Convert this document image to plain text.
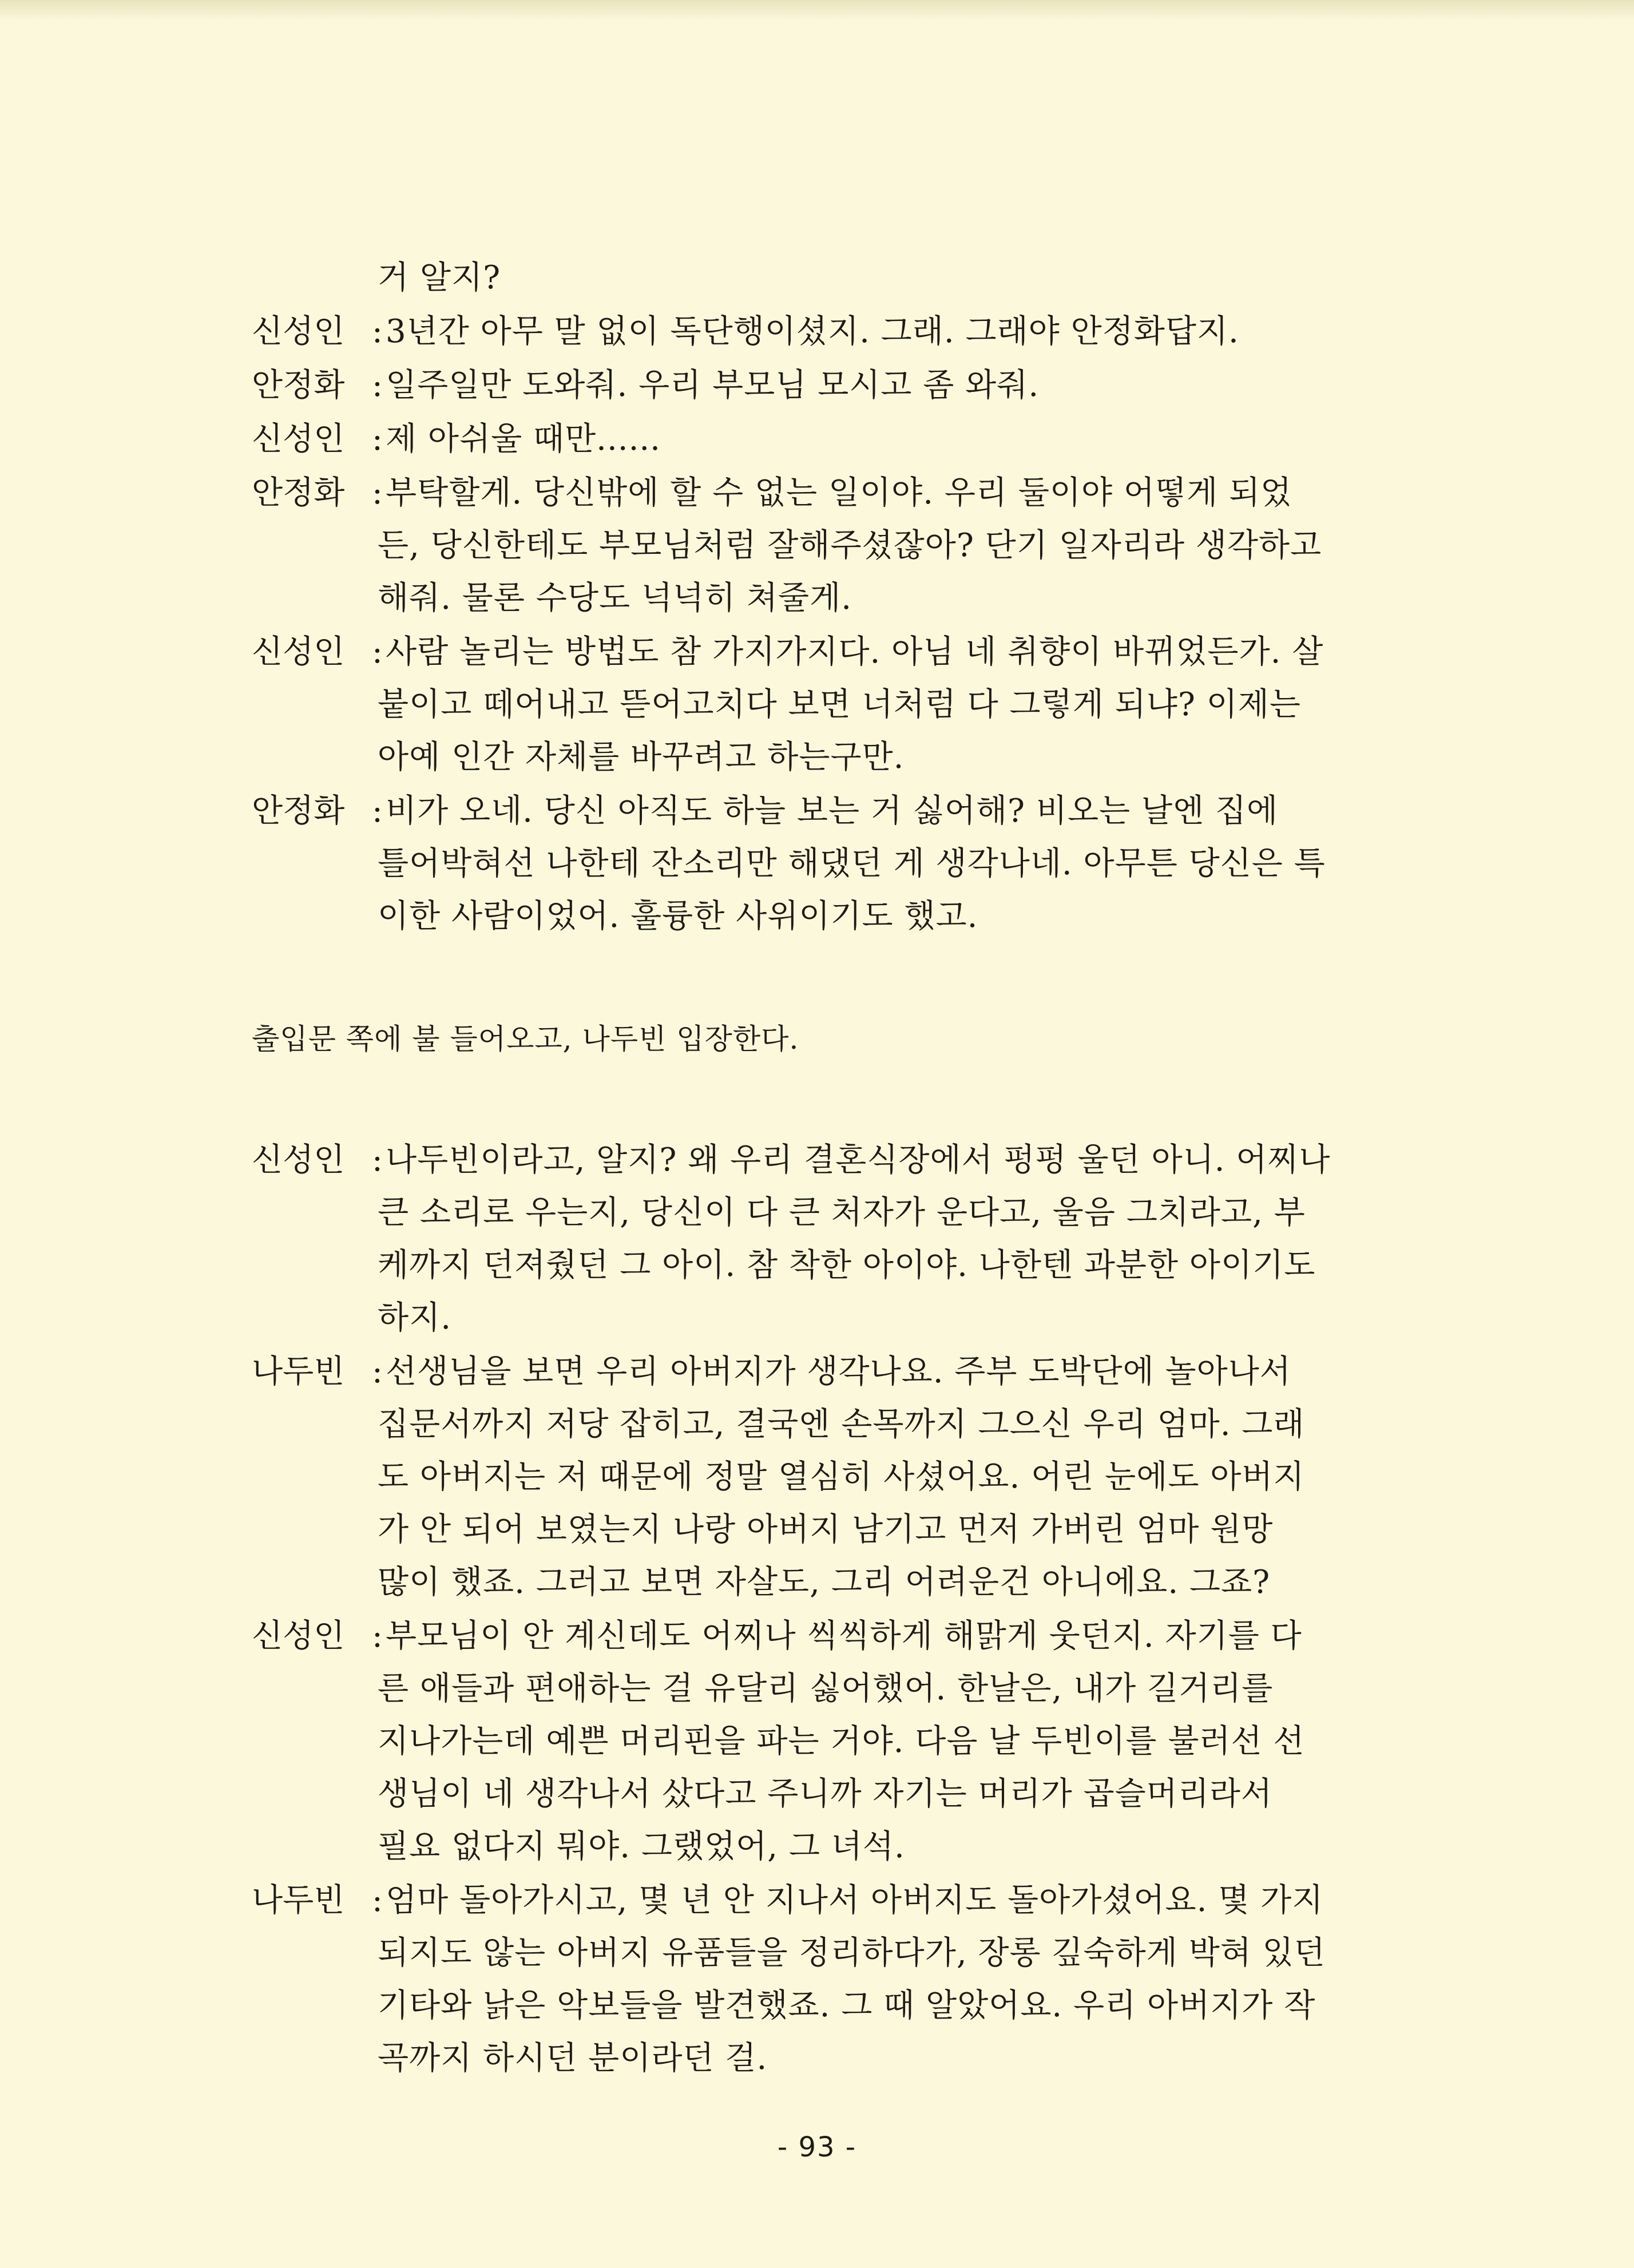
거 알지?
신성인 :3년간 아무 말 없이 독단행이셨지. 그래. 그래야 안정화답지.
안정화 :일주일만 도와줘. 우리 부모님 모시고 좀 와줘.
신성인 :제 아쉬울 때만......
안정화 :부탁할게. 당신밖에 할 수 없는 일이야. 우리 둘이야 어떻게 되었
든, 당신한테도 부모님처럼 잘해주셨잖아? 단기 일자리라 생각하고
해줘. 물론 수당도 넉넉히 쳐줄게.
신성인 :사람 놀리는 방법도 참 가지가지다. 아님 네 취향이 바뀌었든가. 살
붙이고 떼어내고 뜯어고치다 보면 너처럼 다 그렇게 되냐? 이제는
아예 인간 자체를 바꾸려고 하는구만.
안정화 :비가 오네. 당신 아직도 하늘 보는 거 싫어해? 비오는 날엔 집에
틀어박혀선 나한테 잔소리만 해댔던 게 생각나네. 아무튼 당신은 특
이한 사람이었어. 훌륭한 사위이기도 했고.
출입문 쪽에 불 들어오고, 나두빈 입장한다.
신성인 :나두빈이라고, 알지? 왜 우리 결혼식장에서 펑펑 울던 아니. 어찌나
큰 소리로 우는지, 당신이 다 큰 처자가 운다고, 울음 그치라고, 부
케까지 던져줬던 그 아이. 참 착한 아이야. 나한텐 과분한 아이기도
하지.
나두빈 :선생님을 보면 우리 아버지가 생각나요. 주부 도박단에 놀아나서
집문서까지 저당 잡히고, 결국엔 손목까지 그으신 우리 엄마. 그래
도 아버지는 저 때문에 정말 열심히 사셨어요. 어린 눈에도 아버지
가 안 되어 보였는지 나랑 아버지 남기고 먼저 가버린 엄마 원망
많이 했죠. 그러고 보면 자살도, 그리 어려운건 아니에요. 그죠?
신성인 :부모님이 안 계신데도 어찌나 씩씩하게 해맑게 웃던지. 자기를 다
른 애들과 편애하는 걸 유달리 싫어했어. 한날은, 내가 길거리를
지나가는데 예쁜 머리핀을 파는 거야. 다음 날 두빈이를 불러선 선
생님이 네 생각나서 샀다고 주니까 자기는 머리가 곱슬머리라서
필요 없다지 뭐야. 그랬었어, 그 녀석.
나두빈 :엄마 돌아가시고, 몇 년 안 지나서 아버지도 돌아가셨어요. 몇 가지
되지도 않는 아버지 유품들을 정리하다가, 장롱 깊숙하게 박혀 있던
기타와 낡은 악보들을 발견했죠. 그 때 알았어요. 우리 아버지가 작
곡까지 하시던 분이라던 걸.
- 93 -
